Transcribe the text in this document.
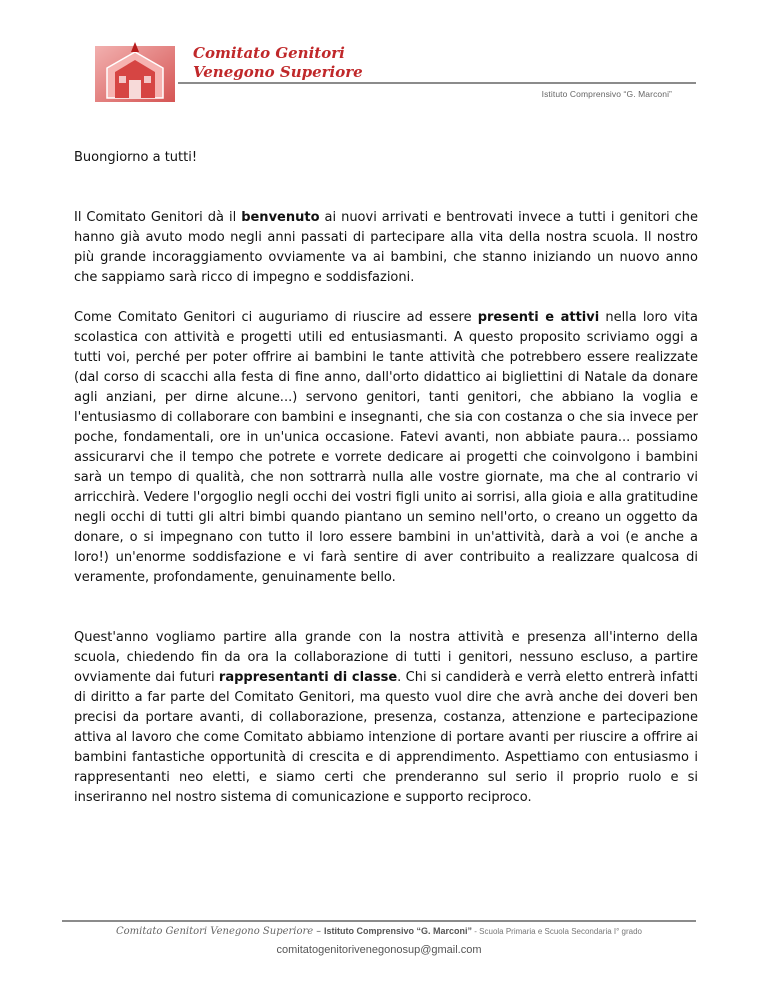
Comitato Genitori
Venegono Superiore
Istituto Comprensivo “G. Marconi”

Buongiorno a tutti!

Il Comitato Genitori dà il benvenuto ai nuovi arrivati e bentrovati invece a tutti i genitori che hanno già avuto modo negli anni passati di partecipare alla vita della nostra scuola. Il nostro più grande incoraggiamento ovviamente va ai bambini, che stanno iniziando un nuovo anno che sappiamo sarà ricco di impegno e soddisfazioni.

Come Comitato Genitori ci auguriamo di riuscire ad essere presenti e attivi nella loro vita scolastica con attività e progetti utili ed entusiasmanti. A questo proposito scriviamo oggi a tutti voi, perché per poter offrire ai bambini le tante attività che potrebbero essere realizzate (dal corso di scacchi alla festa di fine anno, dall'orto didattico ai bigliettini di Natale da donare agli anziani, per dirne alcune...) servono genitori, tanti genitori, che abbiano la voglia e l'entusiasmo di collaborare con bambini e insegnanti, che sia con costanza o che sia invece per poche, fondamentali, ore in un'unica occasione. Fatevi avanti, non abbiate paura... possiamo assicurarvi che il tempo che potrete e vorrete dedicare ai progetti che coinvolgono i bambini sarà un tempo di qualità, che non sottrarrà nulla alle vostre giornate, ma che al contrario vi arricchirà. Vedere l'orgoglio negli occhi dei vostri figli unito ai sorrisi, alla gioia e alla gratitudine negli occhi di tutti gli altri bimbi quando piantano un semino nell'orto, o creano un oggetto da donare, o si impegnano con tutto il loro essere bambini in un'attività, darà a voi (e anche a loro!) un'enorme soddisfazione e vi farà sentire di aver contribuito a realizzare qualcosa di veramente, profondamente, genuinamente bello.

Quest'anno vogliamo partire alla grande con la nostra attività e presenza all'interno della scuola, chiedendo fin da ora la collaborazione di tutti i genitori, nessuno escluso, a partire ovviamente dai futuri rappresentanti di classe. Chi si candiderà e verrà eletto entrerà infatti di diritto a far parte del Comitato Genitori, ma questo vuol dire che avrà anche dei doveri ben precisi da portare avanti, di collaborazione, presenza, costanza, attenzione e partecipazione attiva al lavoro che come Comitato abbiamo intenzione di portare avanti per riuscire a offrire ai bambini fantastiche opportunità di crescita e di apprendimento. Aspettiamo con entusiasmo i rappresentanti neo eletti, e siamo certi che prenderanno sul serio il proprio ruolo e si inseriranno nel nostro sistema di comunicazione e supporto reciproco.

Comitato Genitori Venegono Superiore – Istituto Comprensivo “G. Marconi” - Scuola Primaria e Scuola Secondaria I° grado
comitatogenitorivenegonosup@gmail.com
